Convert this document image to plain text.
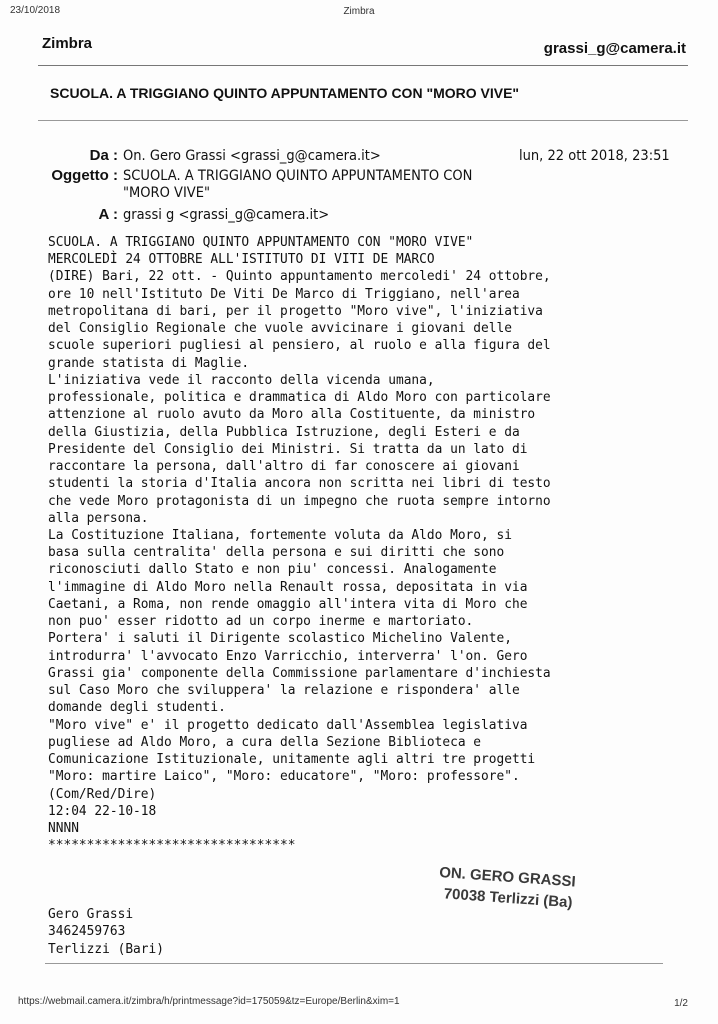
23/10/2018	Zimbra
Zimbra	grassi_g@camera.it
SCUOLA. A TRIGGIANO QUINTO APPUNTAMENTO CON "MORO VIVE"
Da : On. Gero Grassi <grassi_g@camera.it>	lun, 22 ott 2018, 23:51
Oggetto : SCUOLA. A TRIGGIANO QUINTO APPUNTAMENTO CON
"MORO VIVE"
A : grassi g <grassi_g@camera.it>
SCUOLA. A TRIGGIANO QUINTO APPUNTAMENTO CON "MORO VIVE"
MERCOLEDÌ 24 OTTOBRE ALL'ISTITUTO DI VITI DE MARCO
(DIRE) Bari, 22 ott. - Quinto appuntamento mercoledi' 24 ottobre,
ore 10 nell'Istituto De Viti De Marco di Triggiano, nell'area
metropolitana di bari, per il progetto "Moro vive", l'iniziativa
del Consiglio Regionale che vuole avvicinare i giovani delle
scuole superiori pugliesi al pensiero, al ruolo e alla figura del
grande statista di Maglie.
L'iniziativa vede il racconto della vicenda umana,
professionale, politica e drammatica di Aldo Moro con particolare
attenzione al ruolo avuto da Moro alla Costituente, da ministro
della Giustizia, della Pubblica Istruzione, degli Esteri e da
Presidente del Consiglio dei Ministri. Si tratta da un lato di
raccontare la persona, dall'altro di far conoscere ai giovani
studenti la storia d'Italia ancora non scritta nei libri di testo
che vede Moro protagonista di un impegno che ruota sempre intorno
alla persona.
La Costituzione Italiana, fortemente voluta da Aldo Moro, si
basa sulla centralita' della persona e sui diritti che sono
riconosciuti dallo Stato e non piu' concessi. Analogamente
l'immagine di Aldo Moro nella Renault rossa, depositata in via
Caetani, a Roma, non rende omaggio all'intera vita di Moro che
non puo' esser ridotto ad un corpo inerme e martoriato.
Portera' i saluti il Dirigente scolastico Michelino Valente,
introdurra' l'avvocato Enzo Varricchio, interverra' l'on. Gero
Grassi gia' componente della Commissione parlamentare d'inchiesta
sul Caso Moro che sviluppera' la relazione e rispondera' alle
domande degli studenti.
"Moro vive" e' il progetto dedicato dall'Assemblea legislativa
pugliese ad Aldo Moro, a cura della Sezione Biblioteca e
Comunicazione Istituzionale, unitamente agli altri tre progetti
"Moro: martire Laico", "Moro: educatore", "Moro: professore".
(Com/Red/Dire)
12:04 22-10-18
NNNN
********************************

Gero Grassi
3462459763
Terlizzi (Bari)
ON. GERO GRASSI
70038 Terlizzi (Ba)
https://webmail.camera.it/zimbra/h/printmessage?id=175059&tz=Europe/Berlin&xim=1	1/2
